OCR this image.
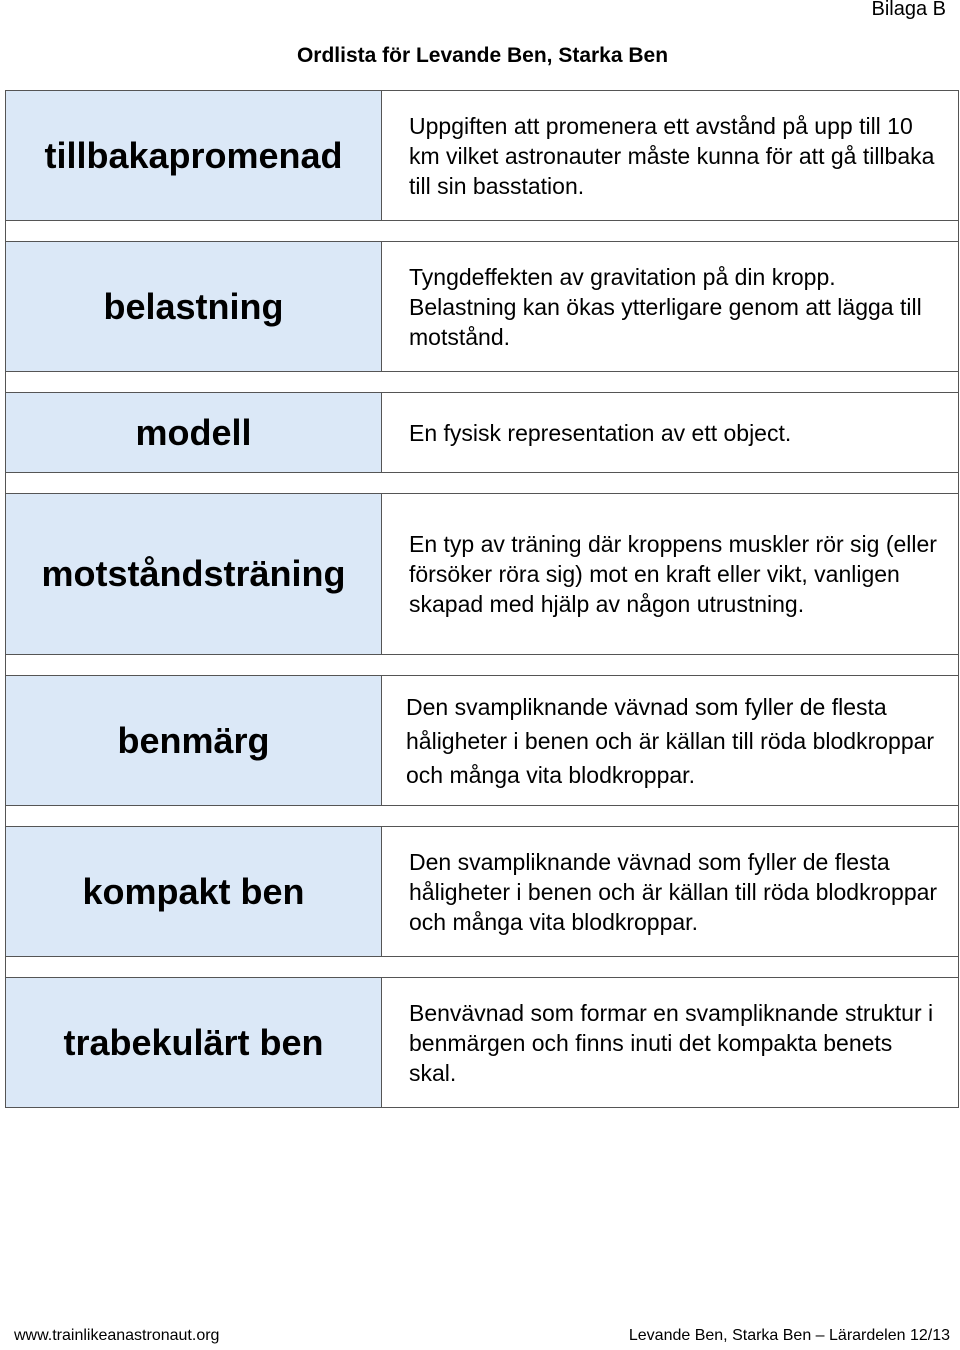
Bilaga B
Ordlista för Levande Ben, Starka Ben
tillbakapromenad
Uppgiften att promenera ett avstånd på upp till 10 km vilket astronauter måste kunna för att gå tillbaka till sin basstation.
belastning
Tyngdeffekten av gravitation på din kropp. Belastning kan ökas ytterligare genom att lägga till motstånd.
modell	En fysisk representation av ett object.
motståndsträning
En typ av träning där kroppens muskler rör sig (eller försöker röra sig) mot en kraft eller vikt, vanligen skapad med hjälp av någon utrustning.
benmärg
Den svampliknande vävnad som fyller de flesta håligheter i benen och är källan till röda blodkroppar och många vita blodkroppar.
kompakt ben
Den svampliknande vävnad som fyller de flesta håligheter i benen och är källan till röda blodkroppar och många vita blodkroppar.
trabekulärt ben
Benvävnad som formar en svampliknande struktur i benmärgen och finns inuti det kompakta benets skal.
www.trainlikeanastronaut.org	Levande Ben, Starka Ben – Lärardelen 12/13
